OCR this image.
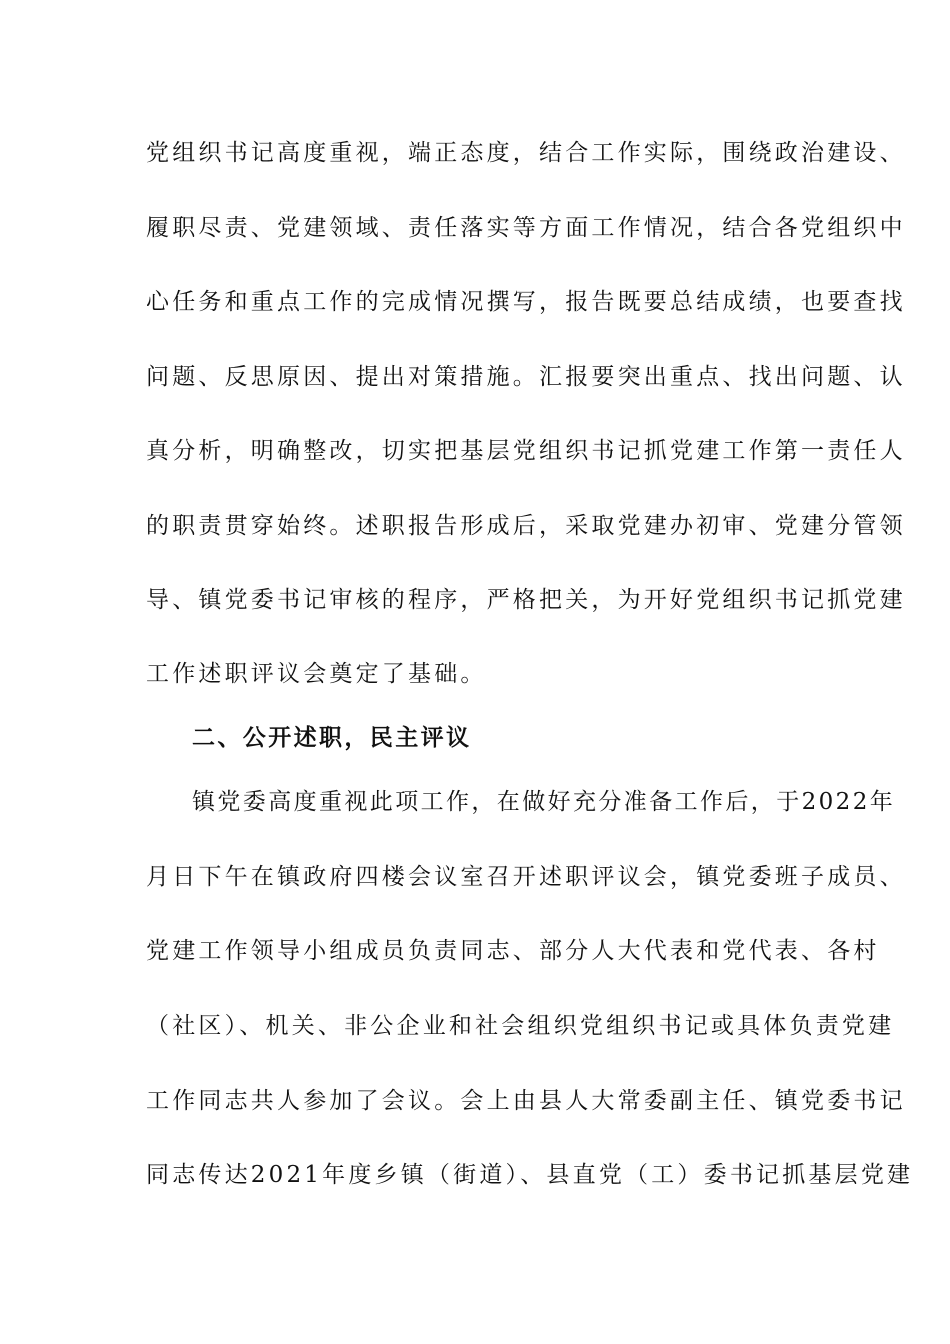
党组织书记高度重视，端正态度，结合工作实际，围绕政治建设、
履职尽责、党建领域、责任落实等方面工作情况，结合各党组织中
心任务和重点工作的完成情况撰写，报告既要总结成绩，也要查找
问题、反思原因、提出对策措施。汇报要突出重点、找出问题、认
真分析，明确整改，切实把基层党组织书记抓党建工作第一责任人
的职责贯穿始终。述职报告形成后，采取党建办初审、党建分管领
导、镇党委书记审核的程序，严格把关，为开好党组织书记抓党建
工作述职评议会奠定了基础。
二、公开述职，民主评议
镇党委高度重视此项工作，在做好充分准备工作后，于2022年
月日下午在镇政府四楼会议室召开述职评议会，镇党委班子成员、
党建工作领导小组成员负责同志、部分人大代表和党代表、各村
（社区）、机关、非公企业和社会组织党组织书记或具体负责党建
工作同志共人参加了会议。会上由县人大常委副主任、镇党委书记
同志传达2021年度乡镇（街道）、县直党（工）委书记抓基层党建
